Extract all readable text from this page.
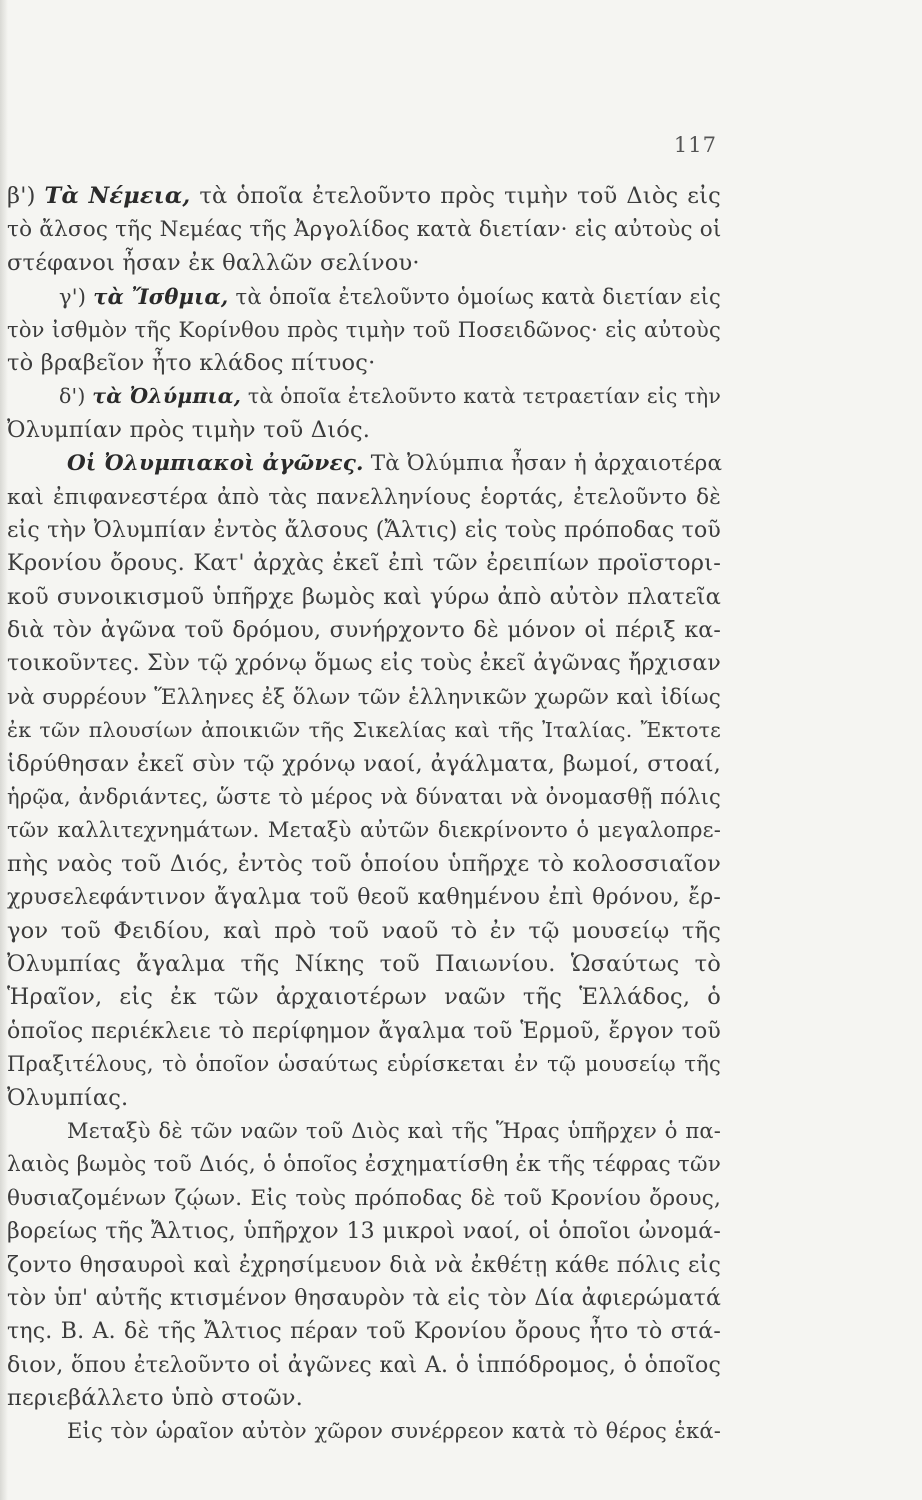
117
β') Τὰ Νέμεια, τὰ ὁποῖα ἐτελοῦντο πρὸς τιμὴν τοῦ Διὸς εἰς
τὸ ἄλσος τῆς Νεμέας τῆς Ἀργολίδος κατὰ διετίαν· εἰς αὐτοὺς οἱ
στέφανοι ἦσαν ἐκ θαλλῶν σελίνου·
γ') τὰ Ἴσθμια, τὰ ὁποῖα ἐτελοῦντο ὁμοίως κατὰ διετίαν εἰς
τὸν ἰσθμὸν τῆς Κορίνθου πρὸς τιμὴν τοῦ Ποσειδῶνος· εἰς αὐτοὺς
τὸ βραβεῖον ἦτο κλάδος πίτυος·
δ') τὰ Ὀλύμπια, τὰ ὁποῖα ἐτελοῦντο κατὰ τετραετίαν εἰς τὴν
Ὀλυμπίαν πρὸς τιμὴν τοῦ Διός.
Οἱ Ὀλυμπιακοὶ ἀγῶνες. Τὰ Ὀλύμπια ἦσαν ἡ ἀρχαιοτέρα
καὶ ἐπιφανεστέρα ἀπὸ τὰς πανελληνίους ἑορτάς, ἐτελοῦντο δὲ
εἰς τὴν Ὀλυμπίαν ἐντὸς ἄλσους (Ἄλτις) εἰς τοὺς πρόποδας τοῦ
Κρονίου ὄρους. Κατ' ἀρχὰς ἐκεῖ ἐπὶ τῶν ἐρειπίων προϊστορι-
κοῦ συνοικισμοῦ ὑπῆρχε βωμὸς καὶ γύρω ἀπὸ αὐτὸν πλατεῖα
διὰ τὸν ἀγῶνα τοῦ δρόμου, συνήρχοντο δὲ μόνον οἱ πέριξ κα-
τοικοῦντες. Σὺν τῷ χρόνῳ ὅμως εἰς τοὺς ἐκεῖ ἀγῶνας ἤρχισαν
νὰ συρρέουν Ἕλληνες ἐξ ὅλων τῶν ἑλληνικῶν χωρῶν καὶ ἰδίως
ἐκ τῶν πλουσίων ἀποικιῶν τῆς Σικελίας καὶ τῆς Ἰταλίας. Ἔκτοτε
ἱδρύθησαν ἐκεῖ σὺν τῷ χρόνῳ ναοί, ἀγάλματα, βωμοί, στοαί,
ἡρῷα, ἀνδριάντες, ὥστε τὸ μέρος νὰ δύναται νὰ ὀνομασθῇ πόλις
τῶν καλλιτεχνημάτων. Μεταξὺ αὐτῶν διεκρίνοντο ὁ μεγαλοπρε-
πὴς ναὸς τοῦ Διός, ἐντὸς τοῦ ὁποίου ὑπῆρχε τὸ κολοσσιαῖον
χρυσελεφάντινον ἄγαλμα τοῦ θεοῦ καθημένου ἐπὶ θρόνου, ἔρ-
γον τοῦ Φειδίου, καὶ πρὸ τοῦ ναοῦ τὸ ἐν τῷ μουσείῳ τῆς
Ὀλυμπίας ἄγαλμα τῆς Νίκης τοῦ Παιωνίου. Ὡσαύτως τὸ
Ἡραῖον, εἰς ἐκ τῶν ἀρχαιοτέρων ναῶν τῆς Ἑλλάδος, ὁ
ὁποῖος περιέκλειε τὸ περίφημον ἄγαλμα τοῦ Ἑρμοῦ, ἔργον τοῦ
Πραξιτέλους, τὸ ὁποῖον ὡσαύτως εὑρίσκεται ἐν τῷ μουσείῳ τῆς
Ὀλυμπίας.
Μεταξὺ δὲ τῶν ναῶν τοῦ Διὸς καὶ τῆς Ἥρας ὑπῆρχεν ὁ πα-
λαιὸς βωμὸς τοῦ Διός, ὁ ὁποῖος ἐσχηματίσθη ἐκ τῆς τέφρας τῶν
θυσιαζομένων ζῴων. Εἰς τοὺς πρόποδας δὲ τοῦ Κρονίου ὄρους,
βορείως τῆς Ἄλτιος, ὑπῆρχον 13 μικροὶ ναοί, οἱ ὁποῖοι ὠνομά-
ζοντο θησαυροὶ καὶ ἐχρησίμευον διὰ νὰ ἐκθέτῃ κάθε πόλις εἰς
τὸν ὑπ' αὐτῆς κτισμένον θησαυρὸν τὰ εἰς τὸν Δία ἀφιερώματά
της. Β. Α. δὲ τῆς Ἄλτιος πέραν τοῦ Κρονίου ὄρους ἦτο τὸ στά-
διον, ὅπου ἐτελοῦντο οἱ ἀγῶνες καὶ Α. ὁ ἱππόδρομος, ὁ ὁποῖος
περιεβάλλετο ὑπὸ στοῶν.
Εἰς τὸν ὡραῖον αὐτὸν χῶρον συνέρρεον κατὰ τὸ θέρος ἑκά-
